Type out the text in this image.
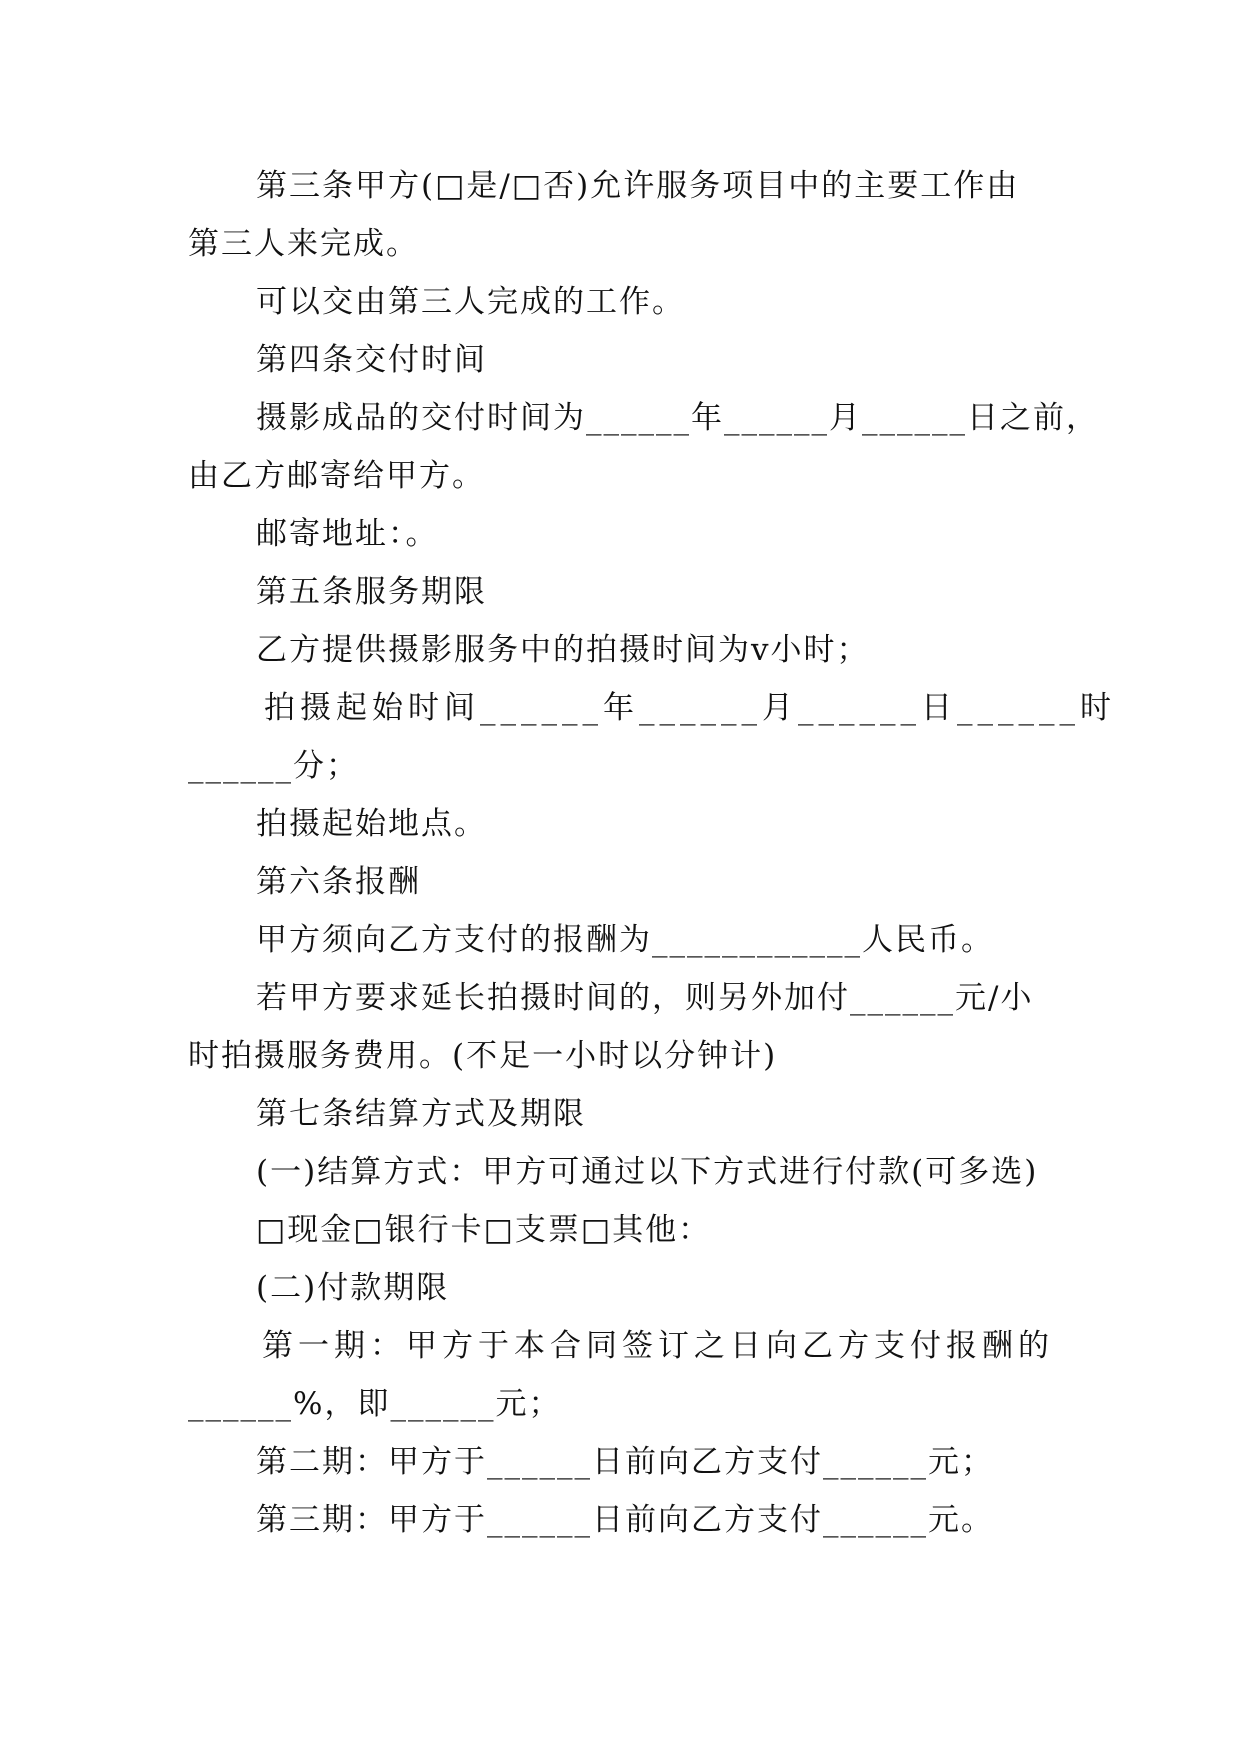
第三条甲方(□是/□否)允许服务项目中的主要工作由
第三人来完成。
可以交由第三人完成的工作。
第四条交付时间
摄影成品的交付时间为______年______月______日之前，
由乙方邮寄给甲方。
邮寄地址：。
第五条服务期限
乙方提供摄影服务中的拍摄时间为v小时；
拍摄起始时间______年______月______日______时
______分；
拍摄起始地点。
第六条报酬
甲方须向乙方支付的报酬为____________人民币。
若甲方要求延长拍摄时间的，则另外加付______元/小
时拍摄服务费用。(不足一小时以分钟计)
第七条结算方式及期限
(一)结算方式：甲方可通过以下方式进行付款(可多选)
□现金□银行卡□支票□其他：
(二)付款期限
第一期：甲方于本合同签订之日向乙方支付报酬的
______%，即______元；
第二期：甲方于______日前向乙方支付______元；
第三期：甲方于______日前向乙方支付______元。
